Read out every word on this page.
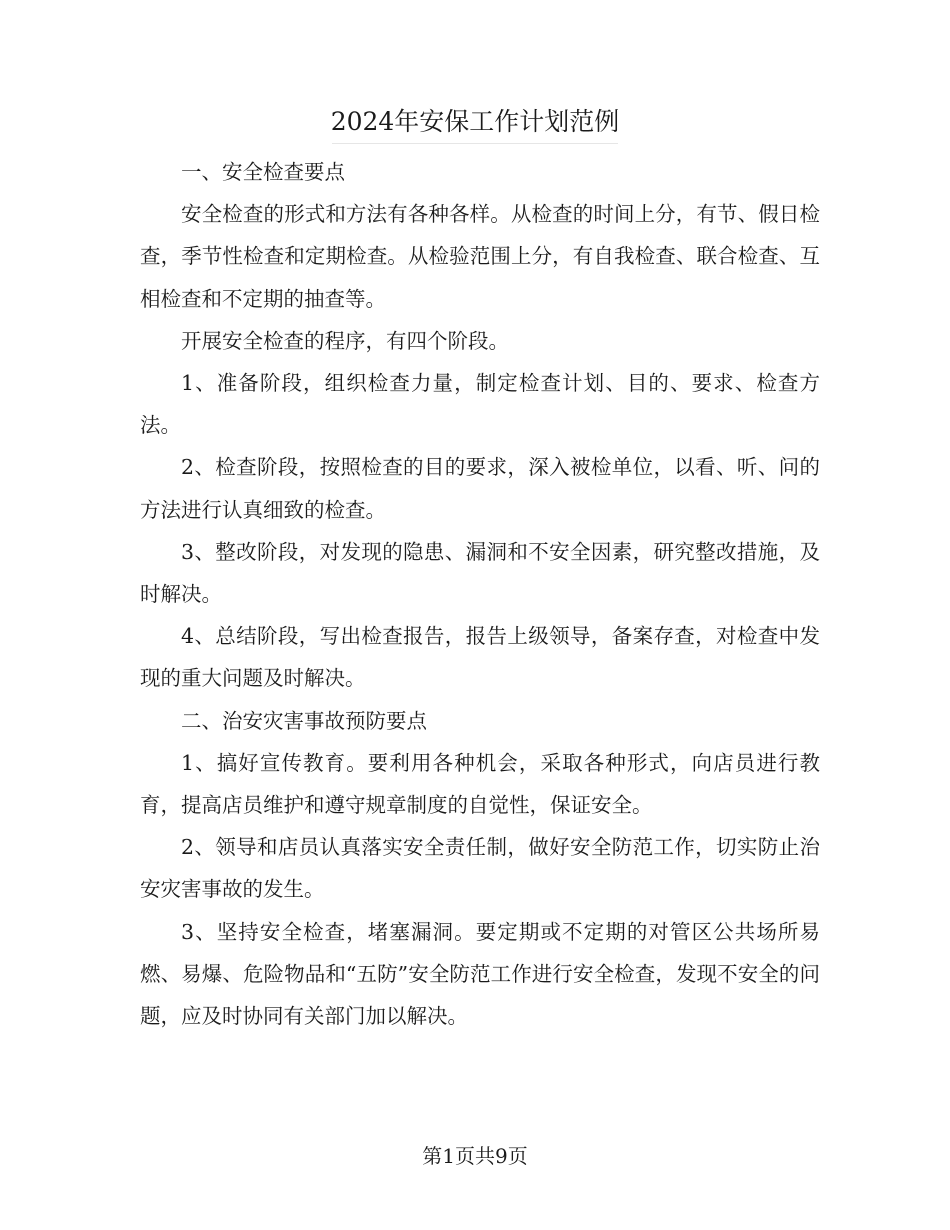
2024年安保工作计划范例

一、安全检查要点

安全检查的形式和方法有各种各样。从检查的时间上分，有节、假日检查，季节性检查和定期检查。从检验范围上分，有自我检查、联合检查、互相检查和不定期的抽查等。

开展安全检查的程序，有四个阶段。

1、准备阶段，组织检查力量，制定检查计划、目的、要求、检查方法。

2、检查阶段，按照检查的目的要求，深入被检单位，以看、听、问的方法进行认真细致的检查。

3、整改阶段，对发现的隐患、漏洞和不安全因素，研究整改措施，及时解决。

4、总结阶段，写出检查报告，报告上级领导，备案存查，对检查中发现的重大问题及时解决。

二、治安灾害事故预防要点

1、搞好宣传教育。要利用各种机会，采取各种形式，向店员进行教育，提高店员维护和遵守规章制度的自觉性，保证安全。

2、领导和店员认真落实安全责任制，做好安全防范工作，切实防止治安灾害事故的发生。

3、坚持安全检查，堵塞漏洞。要定期或不定期的对管区公共场所易燃、易爆、危险物品和“五防”安全防范工作进行安全检查，发现不安全的问题，应及时协同有关部门加以解决。

第1页共9页
